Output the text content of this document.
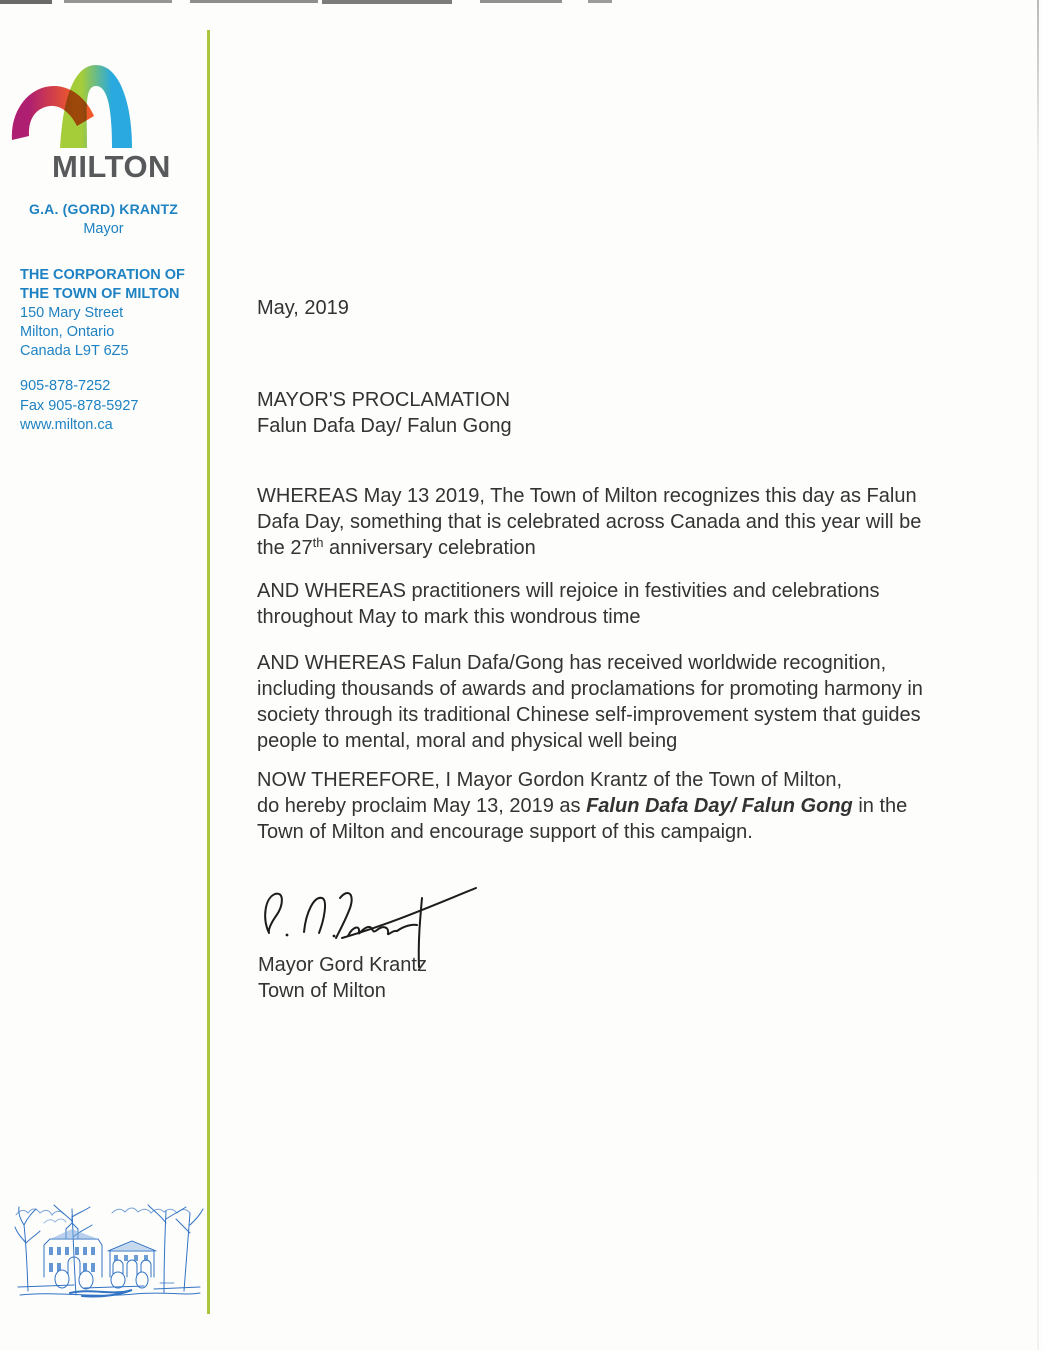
MILTON
G.A. (GORD) KRANTZ
Mayor
THE CORPORATION OF
THE TOWN OF MILTON
150 Mary Street
Milton, Ontario
Canada L9T 6Z5
905-878-7252
Fax 905-878-5927
www.milton.ca
May, 2019
MAYOR'S PROCLAMATION
Falun Dafa Day/ Falun Gong
WHEREAS May 13 2019, The Town of Milton recognizes this day as Falun
Dafa Day, something that is celebrated across Canada and this year will be
the 27th anniversary celebration
AND WHEREAS practitioners will rejoice in festivities and celebrations
throughout May to mark this wondrous time
AND WHEREAS Falun Dafa/Gong has received worldwide recognition,
including thousands of awards and proclamations for promoting harmony in
society through its traditional Chinese self-improvement system that guides
people to mental, moral and physical well being
NOW THEREFORE, I Mayor Gordon Krantz of the Town of Milton,
do hereby proclaim May 13, 2019 as Falun Dafa Day/ Falun Gong in the
Town of Milton and encourage support of this campaign.
Mayor Gord Krantz
Town of Milton
